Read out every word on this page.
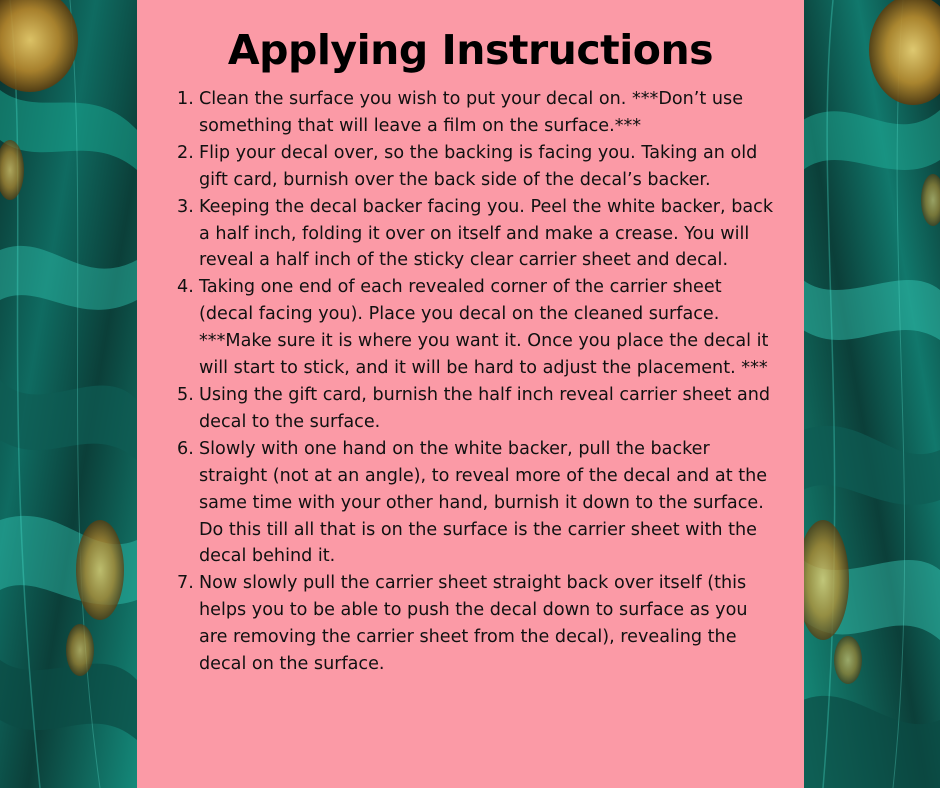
Applying Instructions
1. Clean the surface you wish to put your decal on. ***Don’t use something that will leave a film on the surface.***
2. Flip your decal over, so the backing is facing you. Taking an old gift card, burnish over the back side of the decal’s backer.
3. Keeping the decal backer facing you. Peel the white backer, back a half inch, folding it over on itself and make a crease. You will reveal a half inch of the sticky clear carrier sheet and decal.
4. Taking one end of each revealed corner of the carrier sheet (decal facing you). Place you decal on the cleaned surface. ***Make sure it is where you want it. Once you place the decal it will start to stick, and it will be hard to adjust the placement. ***
5. Using the gift card, burnish the half inch reveal carrier sheet and decal to the surface.
6. Slowly with one hand on the white backer, pull the backer straight (not at an angle), to reveal more of the decal and at the same time with your other hand, burnish it down to the surface. Do this till all that is on the surface is the carrier sheet with the decal behind it.
7. Now slowly pull the carrier sheet straight back over itself (this helps you to be able to push the decal down to surface as you are removing the carrier sheet from the decal), revealing the decal on the surface.
